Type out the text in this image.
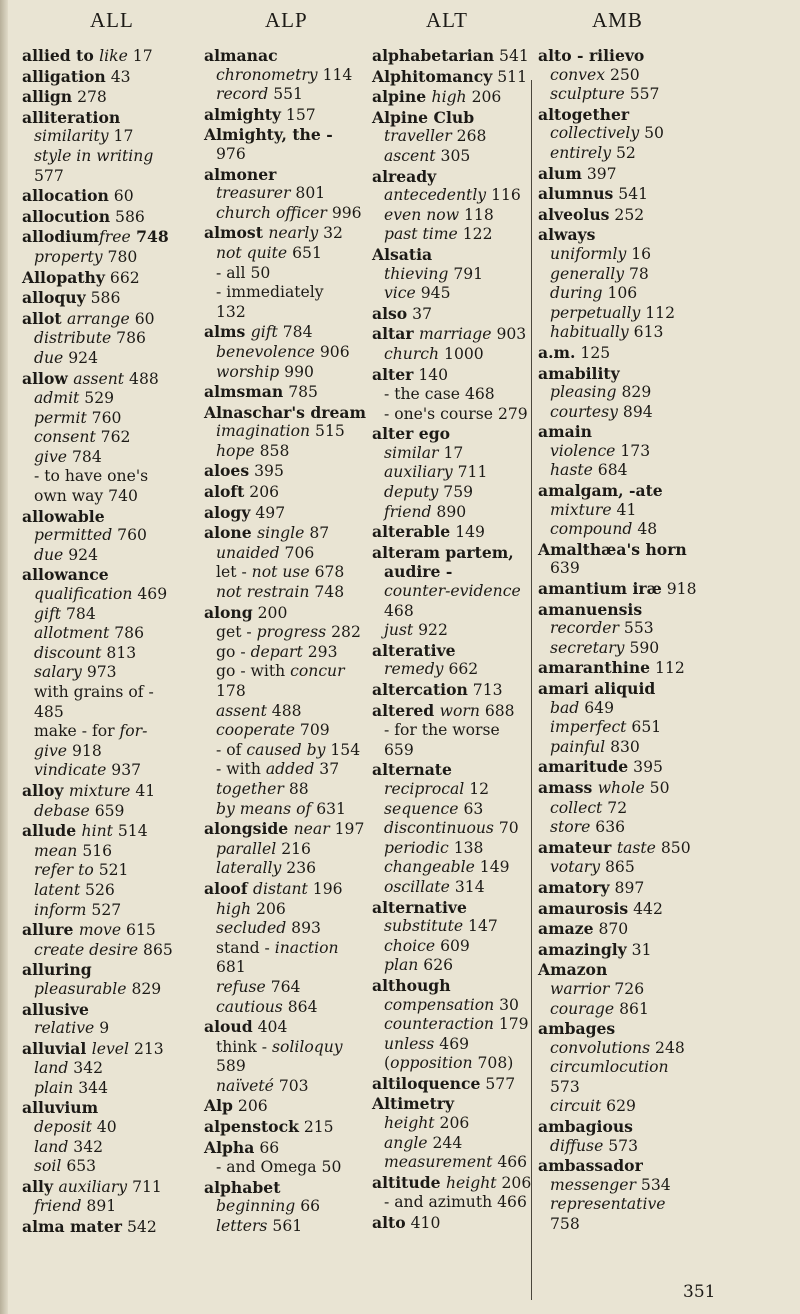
ALL	ALP	ALT	AMB
allied to like 17
alligation 43
allign 278
alliteration
similarity 17
style in writing
577
allocation 60
allocution 586
allodiumfree 748
property 780
Allopathy 662
alloquy 586
allot arrange 60
distribute 786
due 924
allow assent 488
admit 529
permit 760
consent 762
give 784
- to have one's
own way 740
allowable
permitted 760
due 924
allowance
qualification 469
gift 784
allotment 786
discount 813
salary 973
with grains of -
485
make - for for-
give 918
vindicate 937
alloy mixture 41
debase 659
allude hint 514
mean 516
refer to 521
latent 526
inform 527
allure move 615
create desire 865
alluring
pleasurable 829
allusive
relative 9
alluvial level 213
land 342
plain 344
alluvium
deposit 40
land 342
soil 653
ally auxiliary 711
friend 891
alma mater 542
almanac
chronometry 114
record 551
almighty 157
Almighty, the -
976
almoner
treasurer 801
church officer 996
almost nearly 32
not quite 651
- all 50
- immediately
132
alms gift 784
benevolence 906
worship 990
almsman 785
Alnaschar's dream
imagination 515
hope 858
aloes 395
aloft 206
alogy 497
alone single 87
unaided 706
let - not use 678
not restrain 748
along 200
get - progress 282
go - depart 293
go - with concur
178
assent 488
cooperate 709
- of caused by 154
- with added 37
together 88
by means of 631
alongside near 197
parallel 216
laterally 236
aloof distant 196
high 206
secluded 893
stand - inaction
681
refuse 764
cautious 864
aloud 404
think - soliloquy
589
naïveté 703
Alp 206
alpenstock 215
Alpha 66
- and Omega 50
alphabet
beginning 66
letters 561
alphabetarian 541
Alphitomancy 511
alpine high 206
Alpine Club
traveller 268
ascent 305
already
antecedently 116
even now 118
past time 122
Alsatia
thieving 791
vice 945
also 37
altar marriage 903
church 1000
alter 140
- the case 468
- one's course 279
alter ego
similar 17
auxiliary 711
deputy 759
friend 890
alterable 149
alteram partem,
audire -
counter-evidence
468
just 922
alterative
remedy 662
altercation 713
altered worn 688
- for the worse
659
alternate
reciprocal 12
sequence 63
discontinuous 70
periodic 138
changeable 149
oscillate 314
alternative
substitute 147
choice 609
plan 626
although
compensation 30
counteraction 179
unless 469
(opposition 708)
altiloquence 577
Altimetry
height 206
angle 244
measurement 466
altitude height 206
- and azimuth 466
alto 410
alto - rilievo
convex 250
sculpture 557
altogether
collectively 50
entirely 52
alum 397
alumnus 541
alveolus 252
always
uniformly 16
generally 78
during 106
perpetually 112
habitually 613
a.m. 125
amability
pleasing 829
courtesy 894
amain
violence 173
haste 684
amalgam, -ate
mixture 41
compound 48
Amalthæa's horn
639
amantium iræ 918
amanuensis
recorder 553
secretary 590
amaranthine 112
amari aliquid
bad 649
imperfect 651
painful 830
amaritude 395
amass whole 50
collect 72
store 636
amateur taste 850
votary 865
amatory 897
amaurosis 442
amaze 870
amazingly 31
Amazon
warrior 726
courage 861
ambages
convolutions 248
circumlocution
573
circuit 629
ambagious
diffuse 573
ambassador
messenger 534
representative
758
351
